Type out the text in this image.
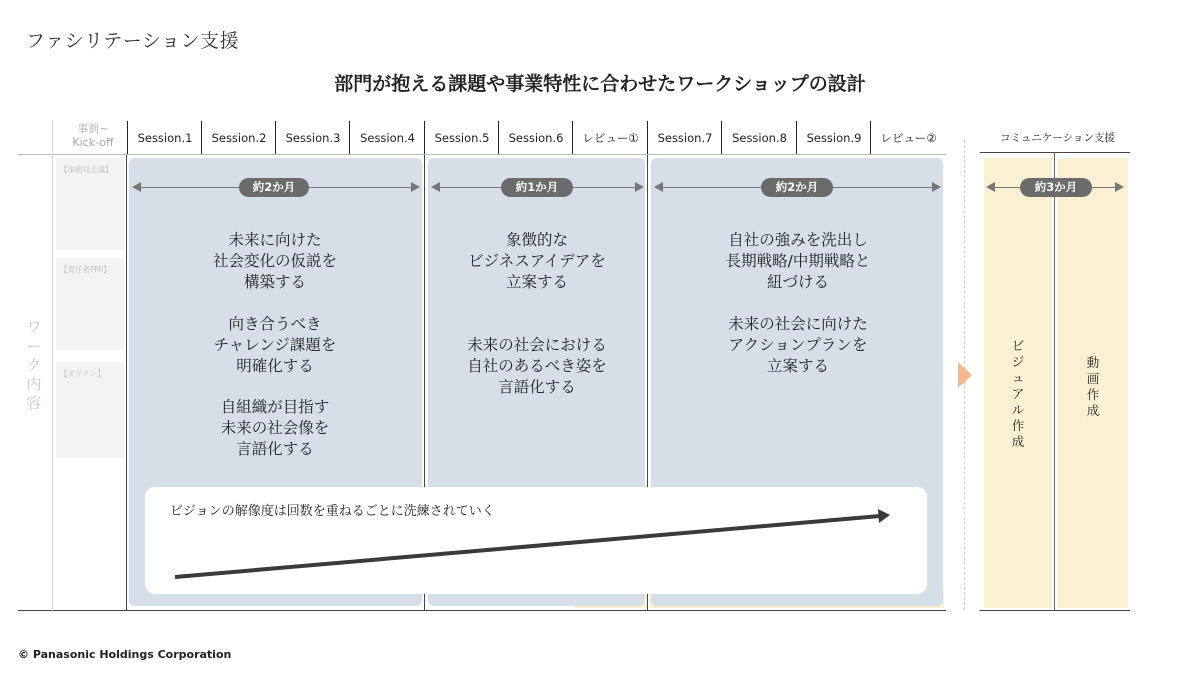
ファシリテーション支援
部門が抱える課題や事業特性に合わせたワークショップの設計
事前~
Kick-off	Session.1	Session.2	Session.3	Session.4	Session.5	Session.6	レビュー①	Session.7	Session.8	Session.9	レビュー②	コミュニケーション支援
ワーク内容
【事務局会議】
【責任者PMI】
【オリエン】
約2か月
未来に向けた
社会変化の仮説を
構築する
向き合うべき
チャレンジ課題を
明確化する
自組織が目指す
未来の社会像を
言語化する
約1か月
象徴的な
ビジネスアイデアを
立案する
未来の社会における
自社のあるべき姿を
言語化する
約2か月
自社の強みを洗出し
長期戦略/中期戦略と
紐づける
未来の社会に向けた
アクションプランを
立案する
ビジョンの解像度は回数を重ねるごとに洗練されていく
約3か月
ビジュアル作成
動画作成
© Panasonic Holdings Corporation
